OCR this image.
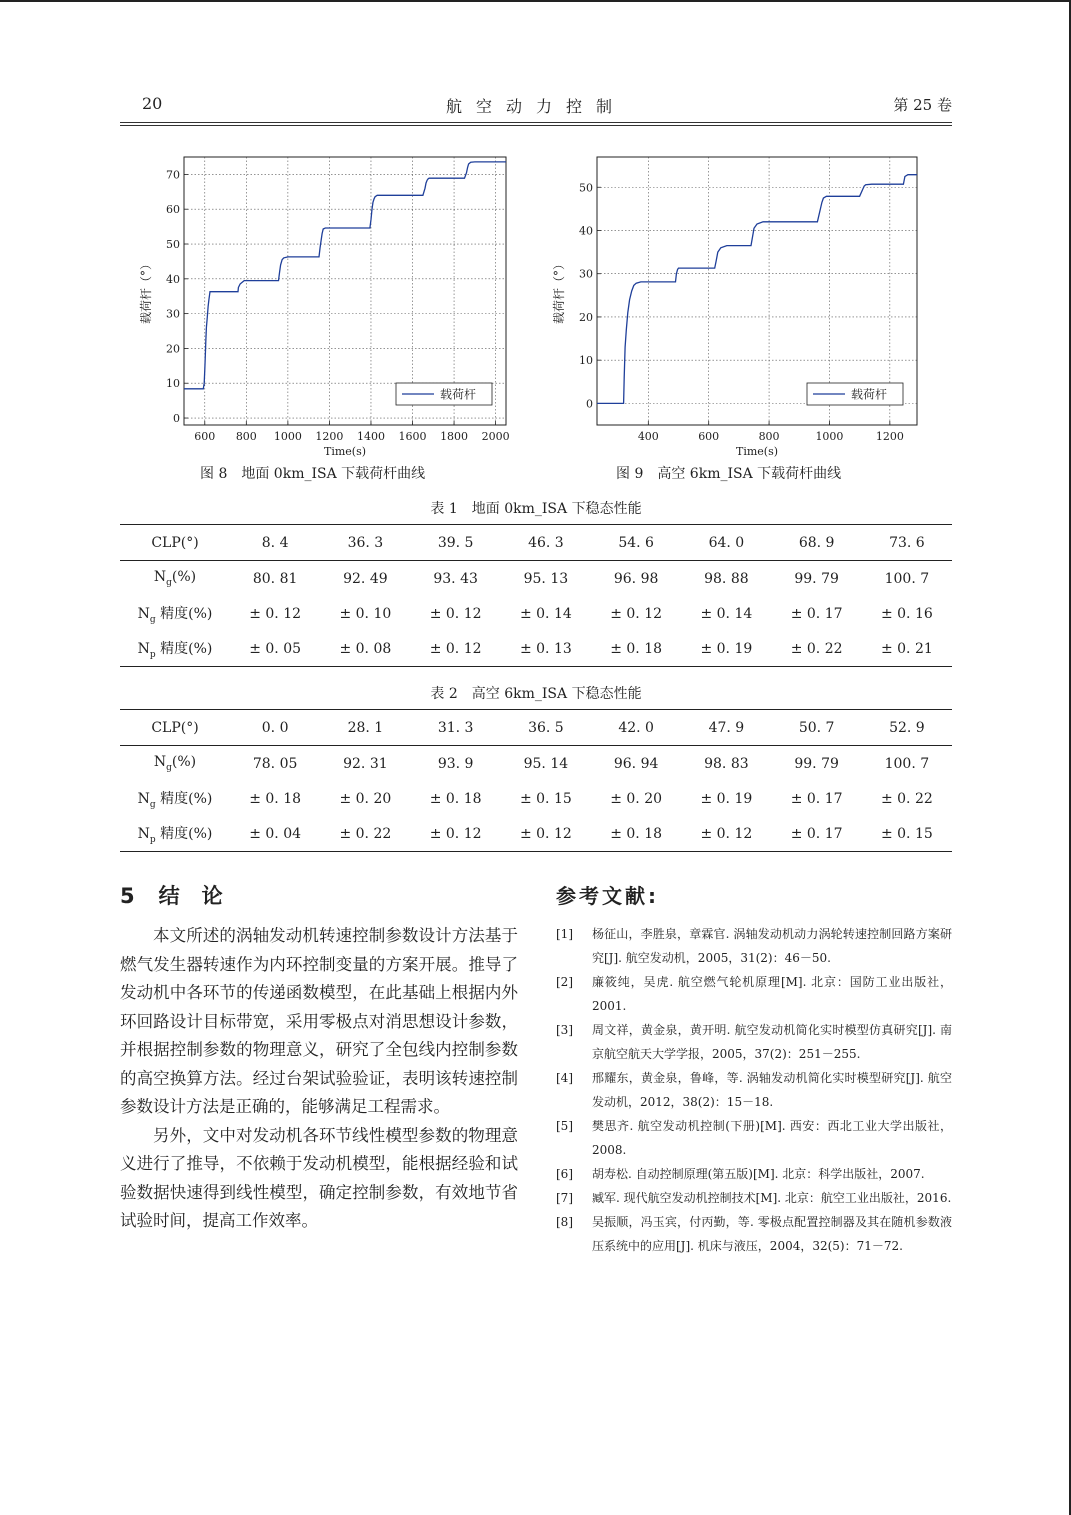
20	航空动力控制	第 25 卷
600 800 1000 1200 1400 1600 1800 2000
0
10
20
30
40
50
60
70
Time(s)
载荷杆（°）
载荷杆
图 8　地面 0km_ISA 下载荷杆曲线
400	600	800	1000	1200
0
10
20
30
40
50
Time(s)
载荷杆（°）
载荷杆
图 9　高空 6km_ISA 下载荷杆曲线
表 1　地面 0km_ISA 下稳态性能
CLP(°)	8. 4	36. 3	39. 5	46. 3	54. 6	64. 0	68. 9	73. 6
$N_g(\%)$	80. 81	92. 49	93. 43	95. 13	96. 98	98. 88	99. 79	100. 7
$N_g$ 精度(%)	± 0. 12	± 0. 10	± 0. 12	± 0. 14	± 0. 12	± 0. 14	± 0. 17	± 0. 16
$N_p$ 精度(%)	± 0. 05	± 0. 08	± 0. 12	± 0. 13	± 0. 18	± 0. 19	± 0. 22	± 0. 21
表 2　高空 6km_ISA 下稳态性能
CLP(°)	0. 0	28. 1	31. 3	36. 5	42. 0	47. 9	50. 7	52. 9
$N_g(\%)$	78. 05	92. 31	93. 9	95. 14	96. 94	98. 83	99. 79	100. 7
$N_g$ 精度(%)	± 0. 18	± 0. 20	± 0. 18	± 0. 15	± 0. 20	± 0. 19	± 0. 17	± 0. 22
$N_p$ 精度(%)	± 0. 04	± 0. 22	± 0. 12	± 0. 12	± 0. 18	± 0. 12	± 0. 17	± 0. 15
5 结论

本文所述的涡轴发动机转速控制参数设计方法基于燃气发生器转速作为内环控制变量的方案开展。推导了发动机中各环节的传递函数模型，在此基础上根据内外环回路设计目标带宽，采用零极点对消思想设计参数，并根据控制参数的物理意义，研究了全包线内控制参数的高空换算方法。经过台架试验验证，表明该转速控制参数设计方法是正确的，能够满足工程需求。

另外，文中对发动机各环节线性模型参数的物理意义进行了推导，不依赖于发动机模型，能根据经验和试验数据快速得到线性模型，确定控制参数，有效地节省试验时间，提高工作效率。

参考文献:
[1] 杨征山，李胜泉，章霖官. 涡轴发动机动力涡轮转速控制回路方案研究[J]. 航空发动机，2005，31(2)：46－50.
[2] 廉筱纯，吴虎. 航空燃气轮机原理[M]. 北京：国防工业出版社，2001.
[3] 周文祥，黄金泉，黄开明. 航空发动机简化实时模型仿真研究[J]. 南京航空航天大学学报，2005，37(2)：251－255.
[4] 邢耀东，黄金泉，鲁峰，等. 涡轴发动机简化实时模型研究[J]. 航空发动机，2012，38(2)：15－18.
[5] 樊思齐. 航空发动机控制(下册)[M]. 西安：西北工业大学出版社，2008.
[6] 胡寿松. 自动控制原理(第五版)[M]. 北京：科学出版社，2007.
[7] 臧军. 现代航空发动机控制技术[M]. 北京：航空工业出版社，2016.
[8] 吴振顺，冯玉宾，付丙勤，等. 零极点配置控制器及其在随机参数液压系统中的应用[J]. 机床与液压，2004，32(5)：71－72.
